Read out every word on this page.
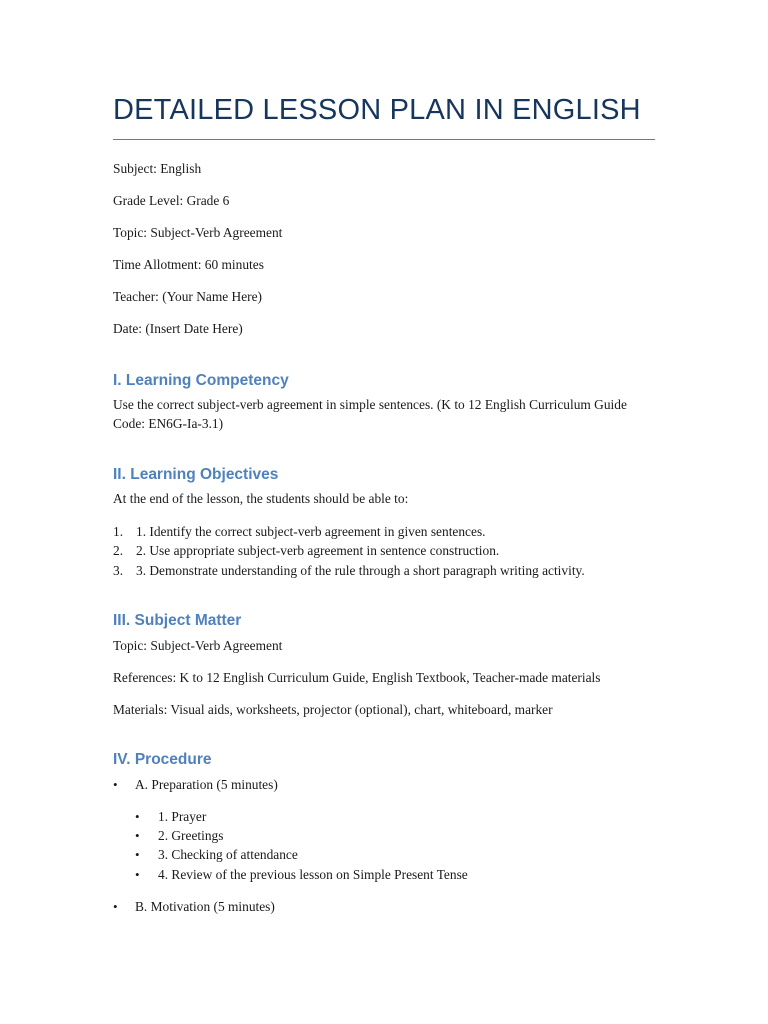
DETAILED LESSON PLAN IN ENGLISH

Subject: English

Grade Level: Grade 6

Topic: Subject-Verb Agreement

Time Allotment: 60 minutes

Teacher: (Your Name Here)

Date: (Insert Date Here)

I. Learning Competency

Use the correct subject-verb agreement in simple sentences. (K to 12 English Curriculum Guide Code: EN6G-Ia-3.1)

II. Learning Objectives

At the end of the lesson, the students should be able to:

1. 1. Identify the correct subject-verb agreement in given sentences.
2. 2. Use appropriate subject-verb agreement in sentence construction.
3. 3. Demonstrate understanding of the rule through a short paragraph writing activity.
III. Subject Matter

Topic: Subject-Verb Agreement

References: K to 12 English Curriculum Guide, English Textbook, Teacher-made materials

Materials: Visual aids, worksheets, projector (optional), chart, whiteboard, marker

IV. Procedure
• A. Preparation (5 minutes)
• 1. Prayer
• 2. Greetings
• 3. Checking of attendance
• 4. Review of the previous lesson on Simple Present Tense
• B. Motivation (5 minutes)
